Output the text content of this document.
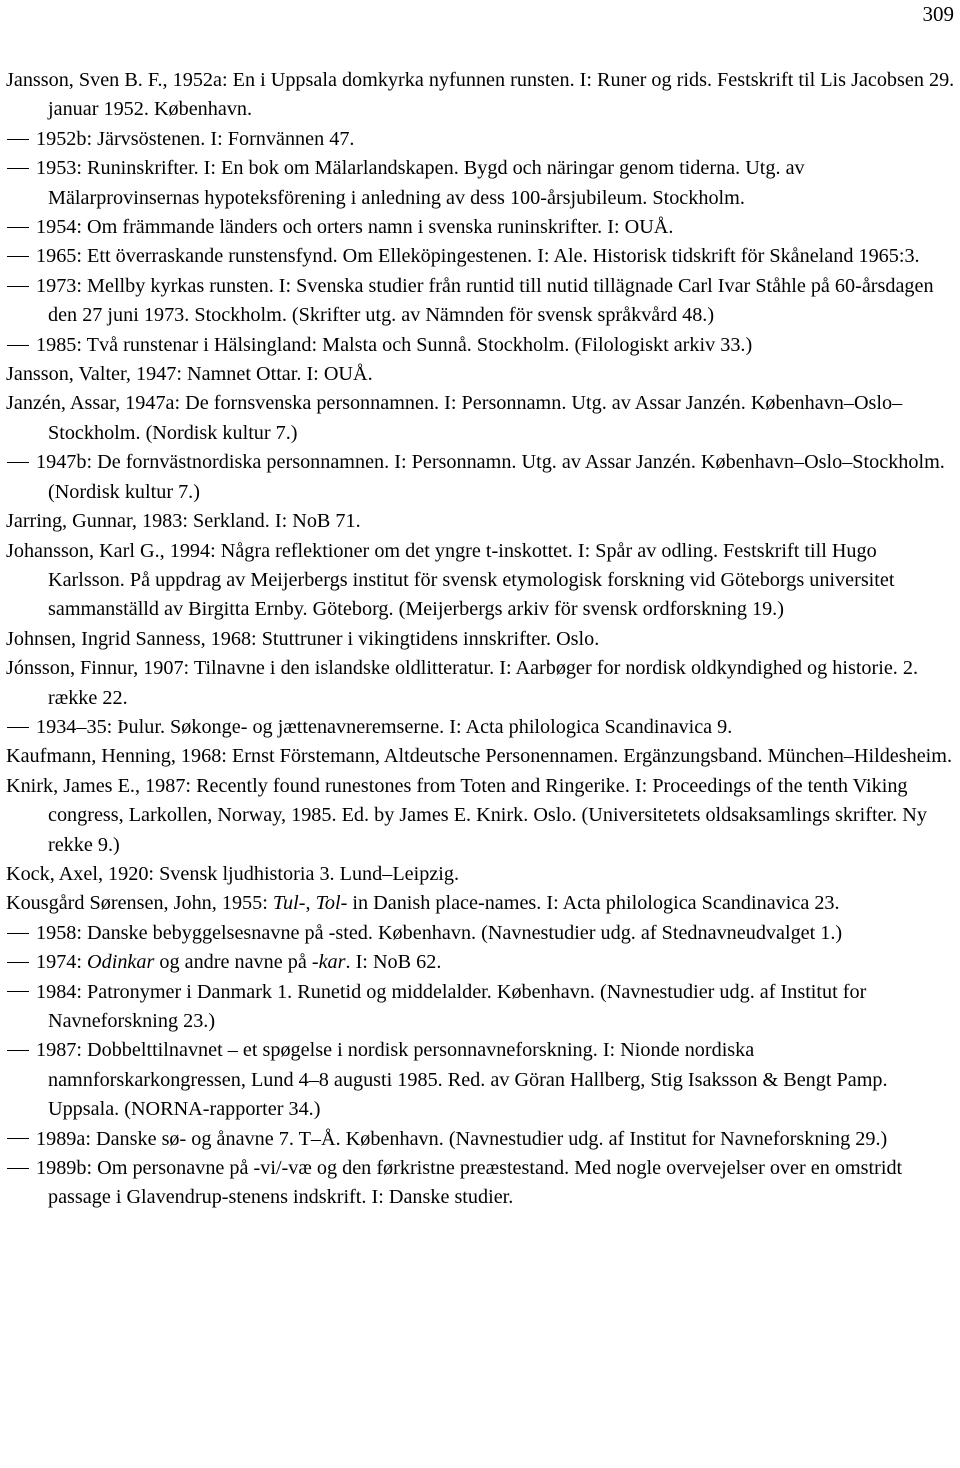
309
Jansson, Sven B. F., 1952a: En i Uppsala domkyrka nyfunnen runsten. I: Runer og rids. Festskrift til Lis Jacobsen 29. januar 1952. København.
1952b: Järvsöstenen. I: Fornvännen 47.
1953: Runinskrifter. I: En bok om Mälarlandskapen. Bygd och näringar genom tiderna. Utg. av Mälarprovinsernas hypoteksförening i anledning av dess 100-årsjubileum. Stockholm.
1954: Om främmande länders och orters namn i svenska runinskrifter. I: OUÅ.
1965: Ett överraskande runstensfynd. Om Elleköpingestenen. I: Ale. Historisk tidskrift för Skåneland 1965:3.
1973: Mellby kyrkas runsten. I: Svenska studier från runtid till nutid tillägnade Carl Ivar Ståhle på 60-årsdagen den 27 juni 1973. Stockholm. (Skrifter utg. av Nämnden för svensk språkvård 48.)
1985: Två runstenar i Hälsingland: Malsta och Sunnå. Stockholm. (Filologiskt arkiv 33.)
Jansson, Valter, 1947: Namnet Ottar. I: OUÅ.
Janzén, Assar, 1947a: De fornsvenska personnamnen. I: Personnamn. Utg. av Assar Janzén. København–Oslo–Stockholm. (Nordisk kultur 7.)
1947b: De fornvästnordiska personnamnen. I: Personnamn. Utg. av Assar Janzén. København–Oslo–Stockholm. (Nordisk kultur 7.)
Jarring, Gunnar, 1983: Serkland. I: NoB 71.
Johansson, Karl G., 1994: Några reflektioner om det yngre t-inskottet. I: Spår av odling. Festskrift till Hugo Karlsson. På uppdrag av Meijerbergs institut för svensk etymologisk forskning vid Göteborgs universitet sammanställd av Birgitta Ernby. Göteborg. (Meijerbergs arkiv för svensk ordforskning 19.)
Johnsen, Ingrid Sanness, 1968: Stuttruner i vikingtidens innskrifter. Oslo.
Jónsson, Finnur, 1907: Tilnavne i den islandske oldlitteratur. I: Aarbøger for nordisk oldkyndighed og historie. 2. række 22.
1934–35: Þulur. Søkonge- og jættenavneremserne. I: Acta philologica Scandinavica 9.
Kaufmann, Henning, 1968: Ernst Förstemann, Altdeutsche Personennamen. Ergänzungsband. München–Hildesheim.
Knirk, James E., 1987: Recently found runestones from Toten and Ringerike. I: Proceedings of the tenth Viking congress, Larkollen, Norway, 1985. Ed. by James E. Knirk. Oslo. (Universitetets oldsaksamlings skrifter. Ny rekke 9.)
Kock, Axel, 1920: Svensk ljudhistoria 3. Lund–Leipzig.
Kousgård Sørensen, John, 1955: Tul-, Tol- in Danish place-names. I: Acta philologica Scandinavica 23.
1958: Danske bebyggelsesnavne på -sted. København. (Navnestudier udg. af Stednavneudvalget 1.)
1974: Odinkar og andre navne på -kar. I: NoB 62.
1984: Patronymer i Danmark 1. Runetid og middelalder. København. (Navnestudier udg. af Institut for Navneforskning 23.)
1987: Dobbelttilnavnet – et spøgelse i nordisk personnavneforskning. I: Nionde nordiska namnforskarkongressen, Lund 4–8 augusti 1985. Red. av Göran Hallberg, Stig Isaksson & Bengt Pamp. Uppsala. (NORNA-rapporter 34.)
1989a: Danske sø- og ånavne 7. T–Å. København. (Navnestudier udg. af Institut for Navneforskning 29.)
1989b: Om personavne på -vi/-væ og den førkristne preæstestand. Med nogle overvejelser over en omstridt passage i Glavendrup-stenens indskrift. I: Danske studier.
